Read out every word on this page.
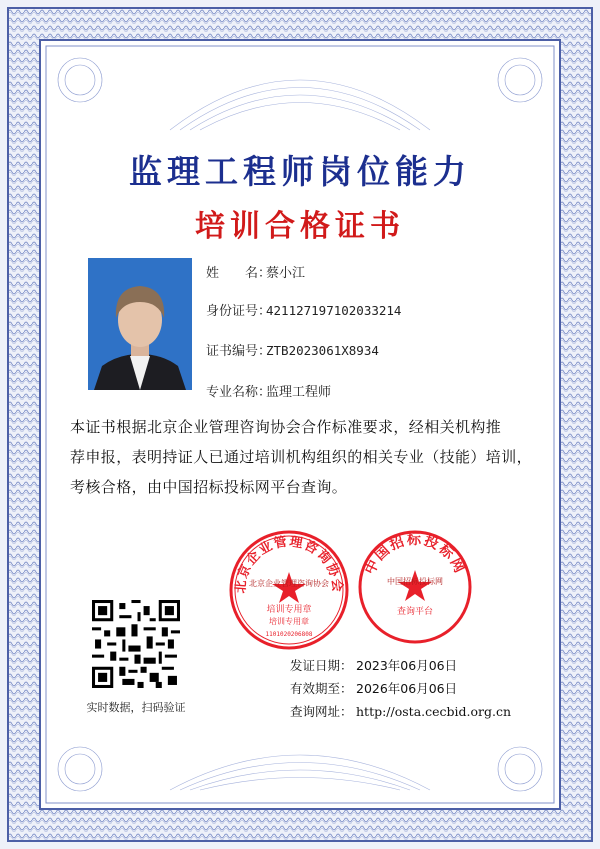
监理工程师岗位能力
培训合格证书
姓　　名：蔡小江
身份证号：421127197102033214
证书编号：ZTB2023061X8934
专业名称：监理工程师
本证书根据北京企业管理咨询协会合作标准要求，经相关机构推
荐申报，表明持证人已通过培训机构组织的相关专业（技能）培训，
考核合格，由中国招标投标网平台查询。
实时数据，扫码验证
北京企业管理咨询协会
北京企业管理咨询协会
培训专用章
培训专用章
1101020206808
中国招标投标网
中国招标投标网
查询平台
发证日期： 2023年06月06日
有效期至： 2026年06月06日
查询网址： http://osta.cecbid.org.cn
